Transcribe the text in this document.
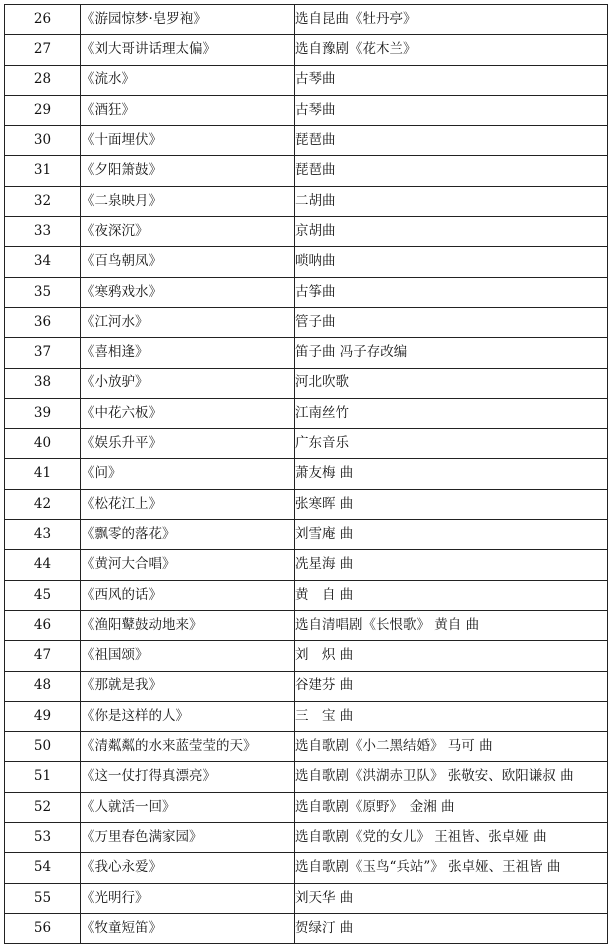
26	《游园惊梦·皂罗袍》	选自昆曲《牡丹亭》
27	《刘大哥讲话理太偏》	选自豫剧《花木兰》
28	《流水》	古琴曲
29	《酒狂》	古琴曲
30	《十面埋伏》	琵琶曲
31	《夕阳箫鼓》	琵琶曲
32	《二泉映月》	二胡曲
33	《夜深沉》	京胡曲
34	《百鸟朝凤》	唢呐曲
35	《寒鸦戏水》	古筝曲
36	《江河水》	管子曲
37	《喜相逢》	笛子曲 冯子存改编
38	《小放驴》	河北吹歌
39	《中花六板》	江南丝竹
40	《娱乐升平》	广东音乐
41	《问》	萧友梅 曲
42	《松花江上》	张寒晖 曲
43	《飘零的落花》	刘雪庵 曲
44	《黄河大合唱》	冼星海 曲
45	《西风的话》	黄　自 曲
46	《渔阳鼙鼓动地来》	选自清唱剧《长恨歌》 黄自 曲
47	《祖国颂》	刘　炽 曲
48	《那就是我》	谷建芬 曲
49	《你是这样的人》	三　宝 曲
50	《清粼粼的水来蓝莹莹的天》	选自歌剧《小二黑结婚》 马可 曲
51	《这一仗打得真漂亮》	选自歌剧《洪湖赤卫队》 张敬安、欧阳谦叔 曲
52	《人就活一回》	选自歌剧《原野》　金湘 曲
53	《万里春色满家园》	选自歌剧《党的女儿》 王祖皆、张卓娅 曲
54	《我心永爱》	选自歌剧《玉鸟“兵站”》 张卓娅、王祖皆 曲
55	《光明行》	刘天华 曲
56	《牧童短笛》	贺绿汀 曲
